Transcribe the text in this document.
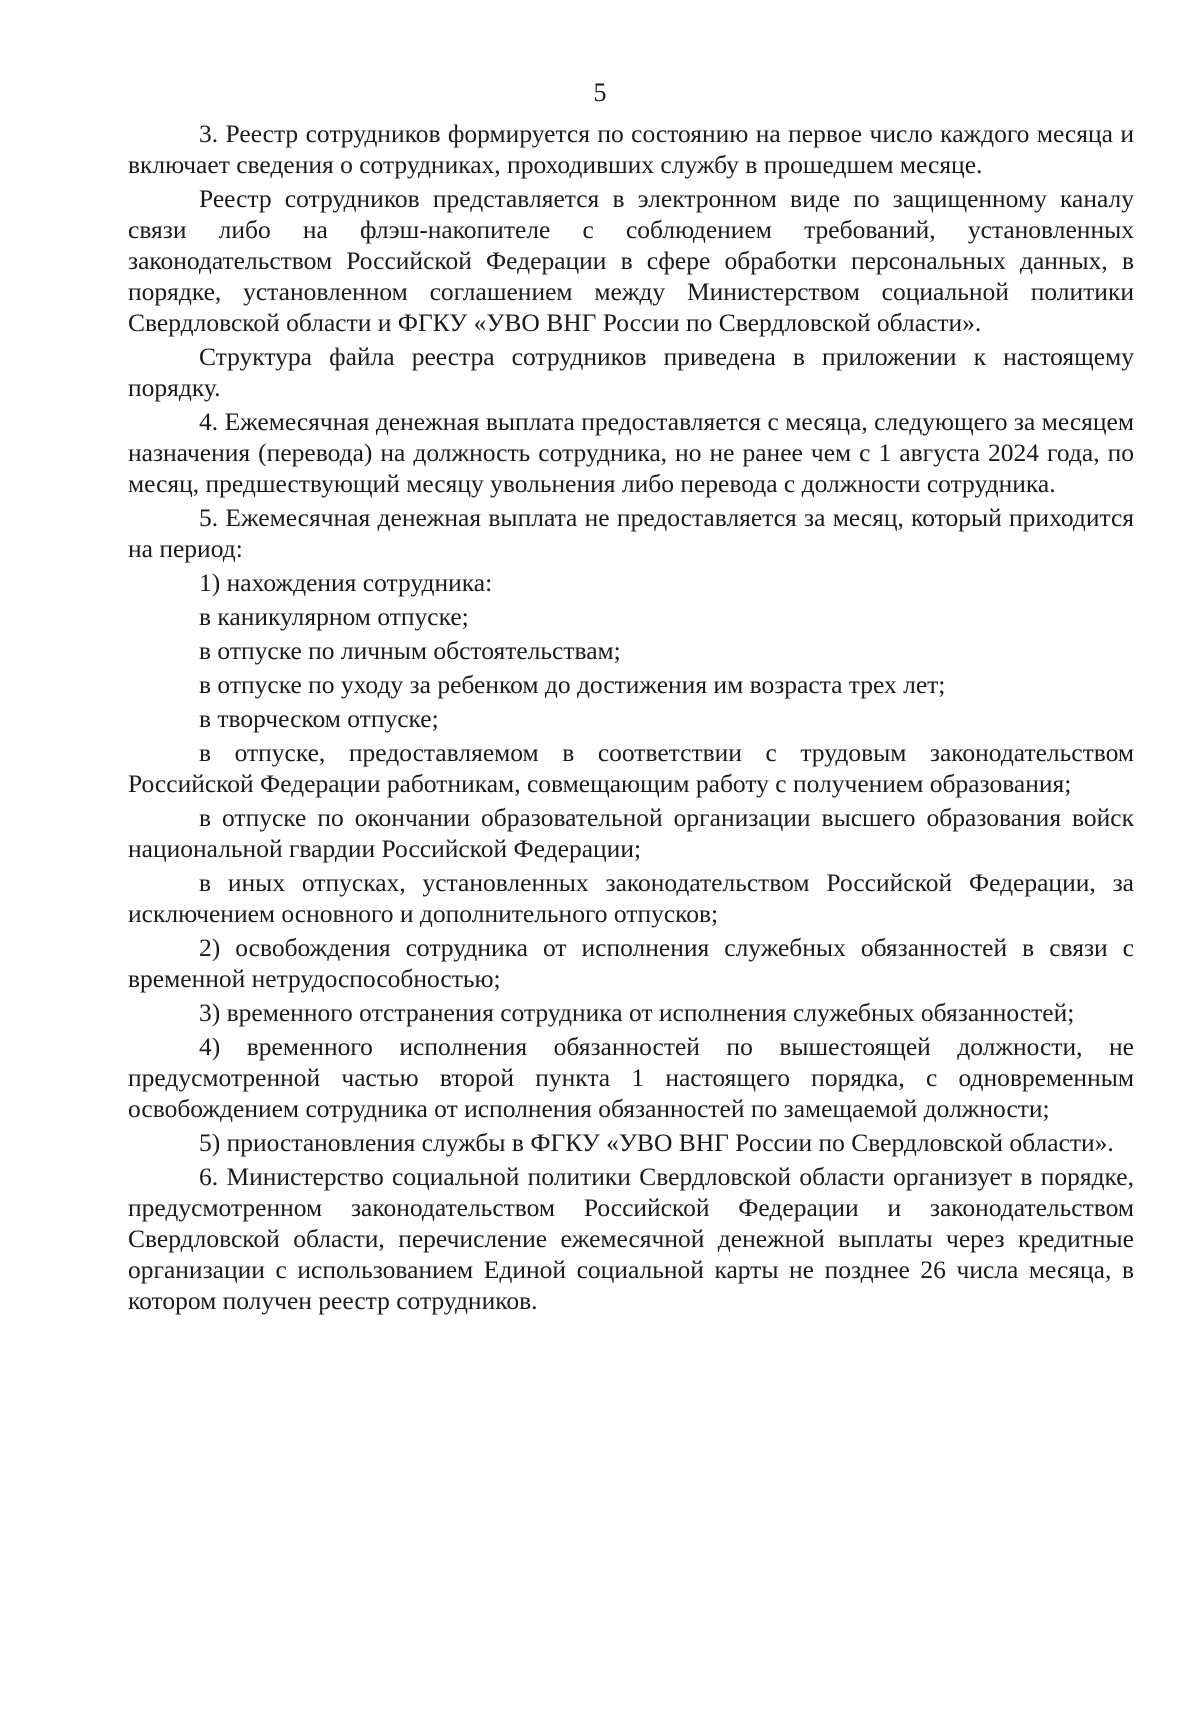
5

3. Реестр сотрудников формируется по состоянию на первое число каждого месяца и включает сведения о сотрудниках, проходивших службу в прошедшем месяце.

Реестр сотрудников представляется в электронном виде по защищенному каналу связи либо на флэш-накопителе с соблюдением требований, установленных законодательством Российской Федерации в сфере обработки персональных данных, в порядке, установленном соглашением между Министерством социальной политики Свердловской области и ФГКУ «УВО ВНГ России по Свердловской области».

Структура файла реестра сотрудников приведена в приложении к настоящему порядку.

4. Ежемесячная денежная выплата предоставляется с месяца, следующего за месяцем назначения (перевода) на должность сотрудника, но не ранее чем с 1 августа 2024 года, по месяц, предшествующий месяцу увольнения либо перевода с должности сотрудника.

5. Ежемесячная денежная выплата не предоставляется за месяц, который приходится на период:

1) нахождения сотрудника:

в каникулярном отпуске;

в отпуске по личным обстоятельствам;

в отпуске по уходу за ребенком до достижения им возраста трех лет;

в творческом отпуске;

в отпуске, предоставляемом в соответствии с трудовым законодательством Российской Федерации работникам, совмещающим работу с получением образования;

в отпуске по окончании образовательной организации высшего образования войск национальной гвардии Российской Федерации;

в иных отпусках, установленных законодательством Российской Федерации, за исключением основного и дополнительного отпусков;

2) освобождения сотрудника от исполнения служебных обязанностей в связи с временной нетрудоспособностью;

3) временного отстранения сотрудника от исполнения служебных обязанностей;

4) временного исполнения обязанностей по вышестоящей должности, не предусмотренной частью второй пункта 1 настоящего порядка, с одновременным освобождением сотрудника от исполнения обязанностей по замещаемой должности;

5) приостановления службы в ФГКУ «УВО ВНГ России по Свердловской области».

6. Министерство социальной политики Свердловской области организует в порядке, предусмотренном законодательством Российской Федерации и законодательством Свердловской области, перечисление ежемесячной денежной выплаты через кредитные организации с использованием Единой социальной карты не позднее 26 числа месяца, в котором получен реестр сотрудников.
